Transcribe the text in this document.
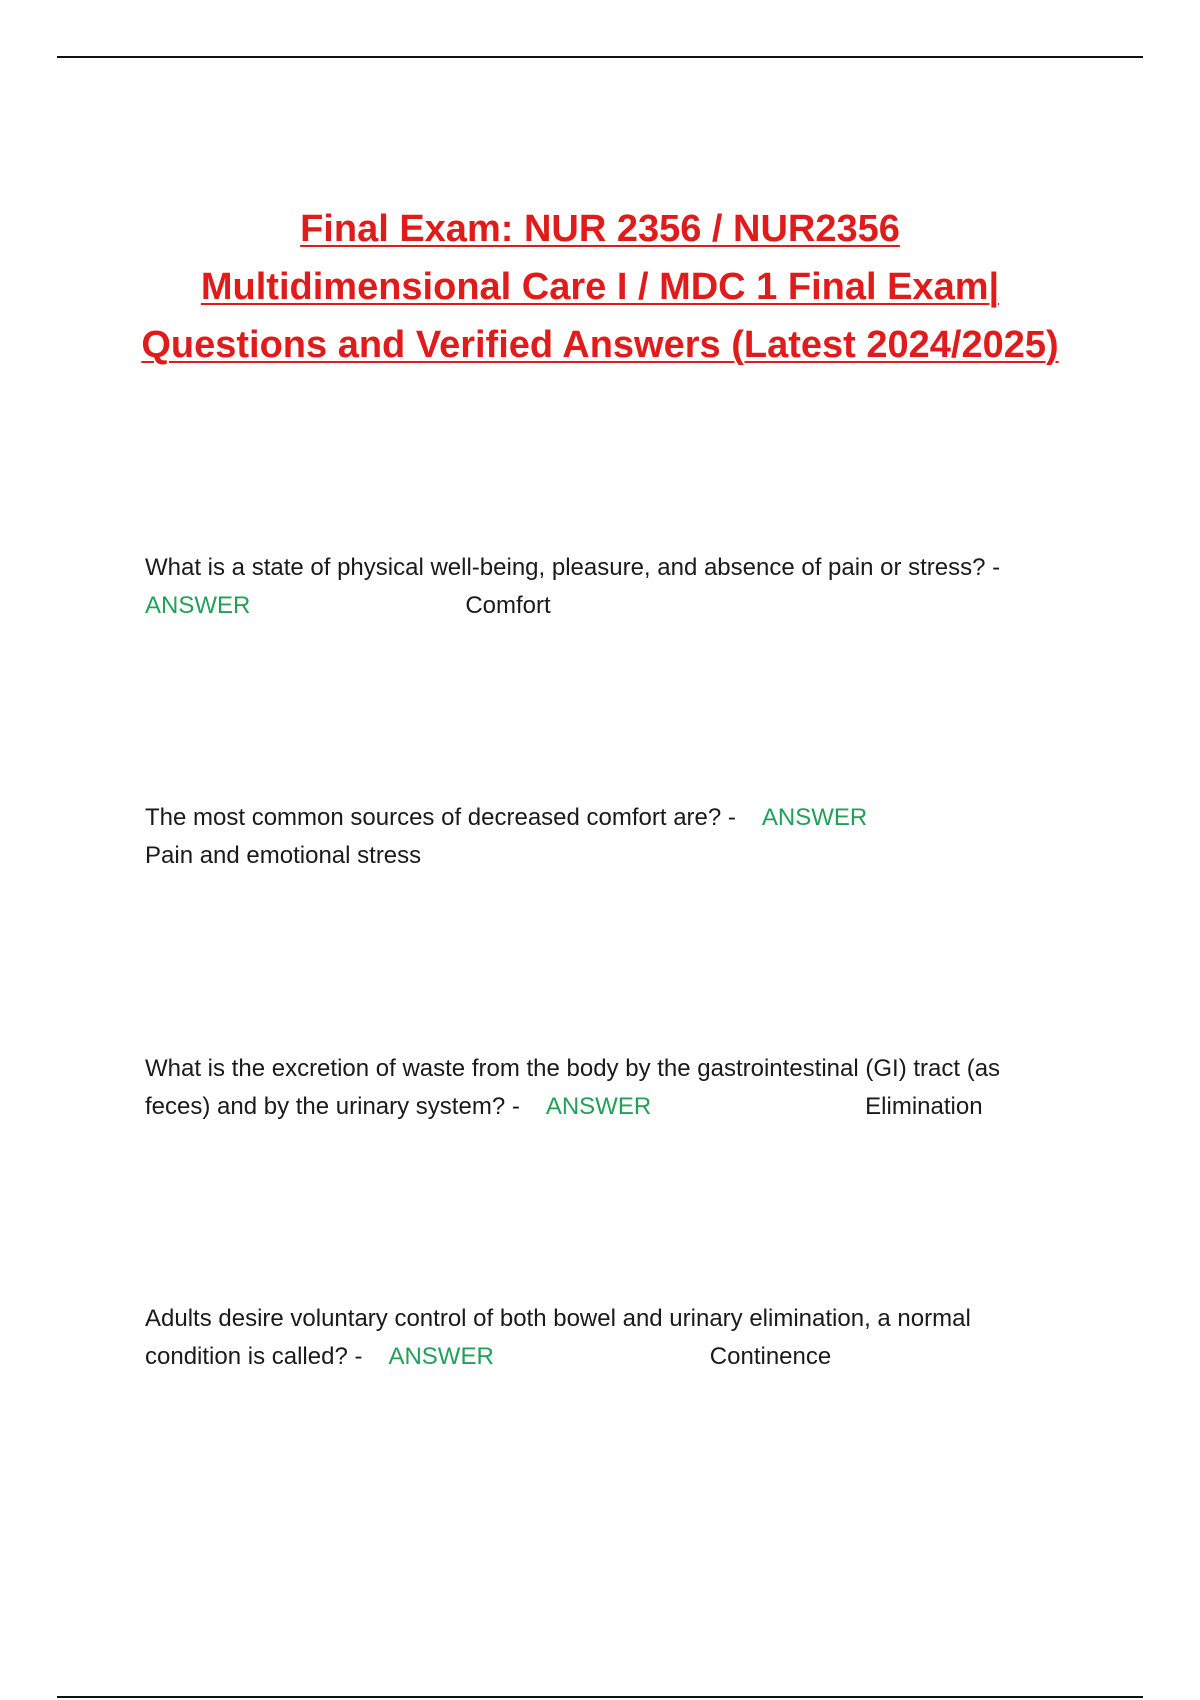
Final Exam: NUR 2356 / NUR2356
Multidimensional Care I / MDC 1 Final Exam|
Questions and Verified Answers (Latest 2024/2025)
What is a state of physical well-being, pleasure, and absence of pain or stress? -
ANSWER	Comfort
The most common sources of decreased comfort are? - ANSWER
Pain and emotional stress
What is the excretion of waste from the body by the gastrointestinal (GI) tract (as
feces) and by the urinary system? - ANSWER	Elimination
Adults desire voluntary control of both bowel and urinary elimination, a normal
condition is called? - ANSWER	Continence
